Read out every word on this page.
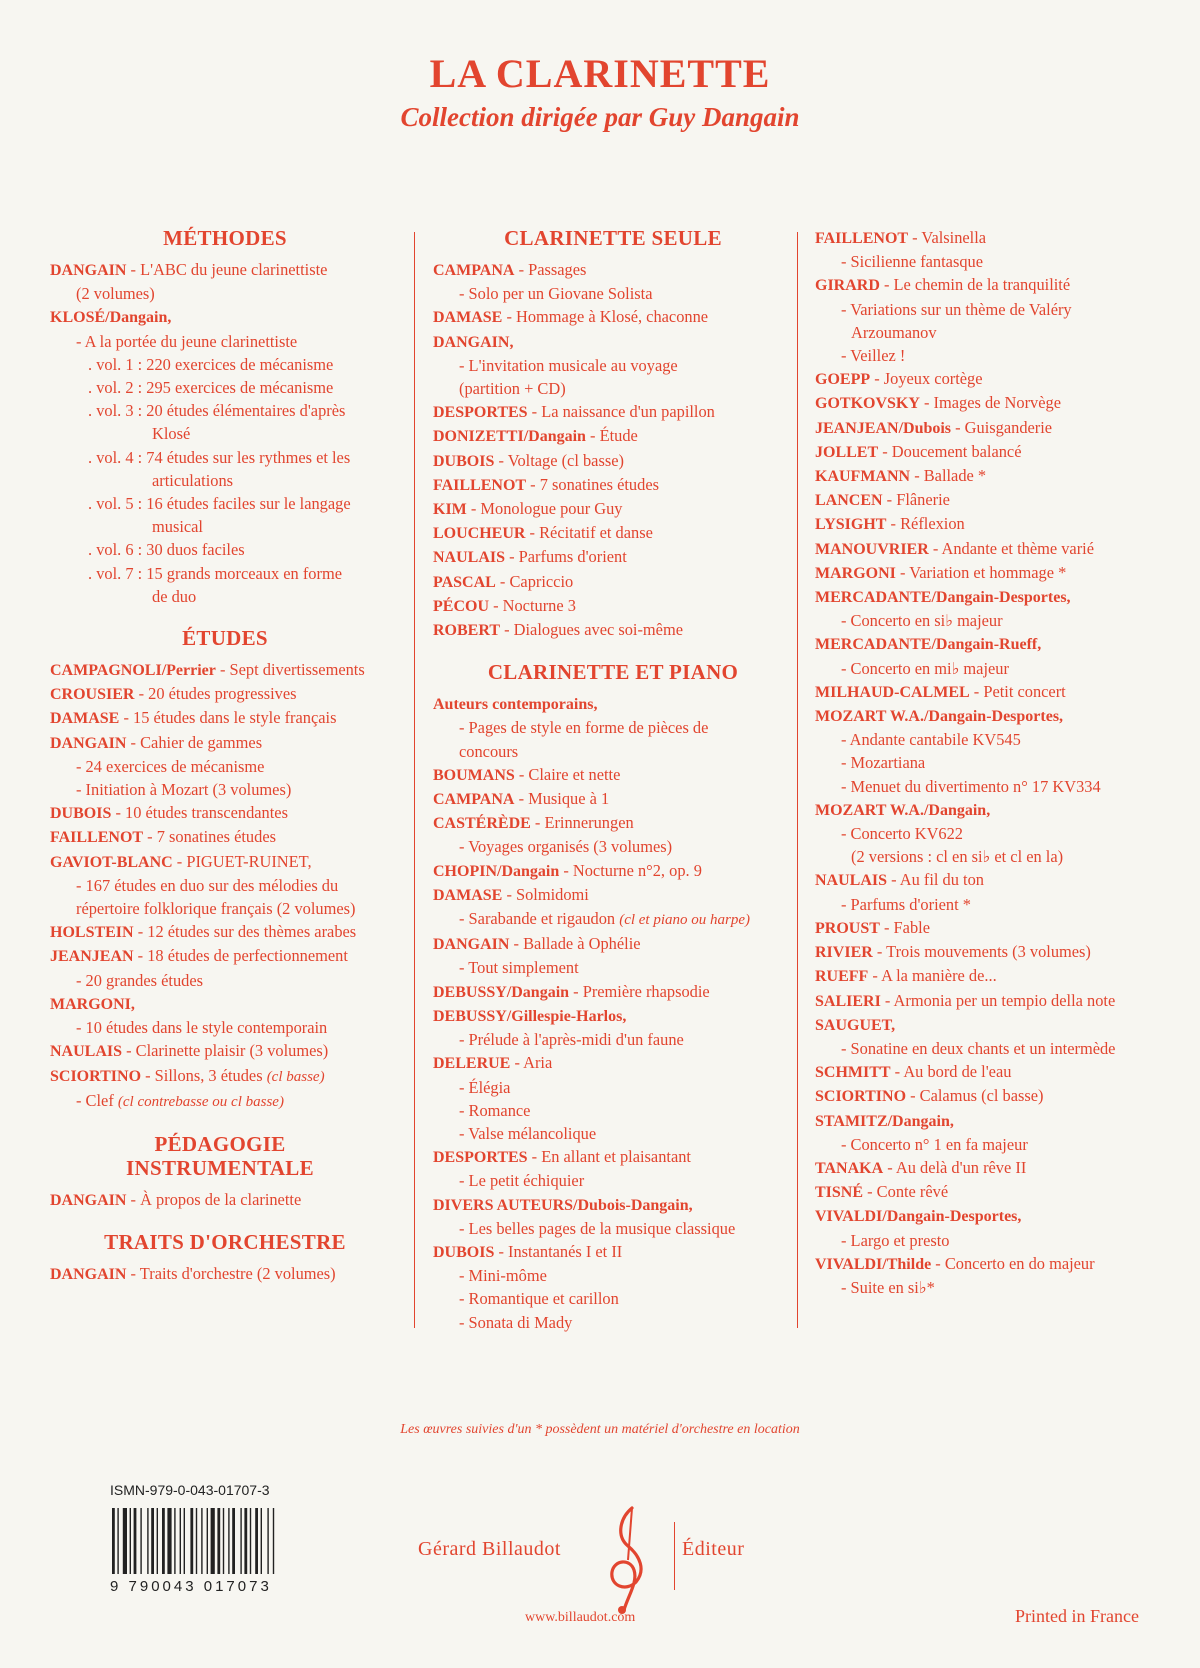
LA CLARINETTE
Collection dirigée par Guy Dangain
MÉTHODES
DANGAIN - L'ABC du jeune clarinettiste
(2 volumes)
KLOSÉ/Dangain,
- A la portée du jeune clarinettiste
. vol. 1 : 220 exercices de mécanisme
. vol. 2 : 295 exercices de mécanisme
. vol. 3 : 20 études élémentaires d'après
Klosé
. vol. 4 : 74 études sur les rythmes et les
articulations
. vol. 5 : 16 études faciles sur le langage
musical
. vol. 6 : 30 duos faciles
. vol. 7 : 15 grands morceaux en forme
de duo
ÉTUDES
CAMPAGNOLI/Perrier - Sept divertissements
CROUSIER - 20 études progressives
DAMASE - 15 études dans le style français
DANGAIN - Cahier de gammes
- 24 exercices de mécanisme
- Initiation à Mozart (3 volumes)
DUBOIS - 10 études transcendantes
FAILLENOT - 7 sonatines études
GAVIOT-BLANC - PIGUET-RUINET,
- 167 études en duo sur des mélodies du
répertoire folklorique français (2 volumes)
HOLSTEIN - 12 études sur des thèmes arabes
JEANJEAN - 18 études de perfectionnement
- 20 grandes études
MARGONI,
- 10 études dans le style contemporain
NAULAIS - Clarinette plaisir (3 volumes)
SCIORTINO - Sillons, 3 études (cl basse)
- Clef (cl contrebasse ou cl basse)
PÉDAGOGIE INSTRUMENTALE
DANGAIN - À propos de la clarinette
TRAITS D'ORCHESTRE
DANGAIN - Traits d'orchestre (2 volumes)
CLARINETTE SEULE
CAMPANA - Passages
- Solo per un Giovane Solista
DAMASE - Hommage à Klosé, chaconne
DANGAIN,
- L'invitation musicale au voyage
(partition + CD)
DESPORTES - La naissance d'un papillon
DONIZETTI/Dangain - Étude
DUBOIS - Voltage (cl basse)
FAILLENOT - 7 sonatines études
KIM - Monologue pour Guy
LOUCHEUR - Récitatif et danse
NAULAIS - Parfums d'orient
PASCAL - Capriccio
PÉCOU - Nocturne 3
ROBERT - Dialogues avec soi-même
CLARINETTE ET PIANO
Auteurs contemporains,
- Pages de style en forme de pièces de
concours
BOUMANS - Claire et nette
CAMPANA - Musique à 1
CASTÉRÈDE - Erinnerungen
- Voyages organisés (3 volumes)
CHOPIN/Dangain - Nocturne n°2, op. 9
DAMASE - Solmidomi
- Sarabande et rigaudon (cl et piano ou harpe)
DANGAIN - Ballade à Ophélie
- Tout simplement
DEBUSSY/Dangain - Première rhapsodie
DEBUSSY/Gillespie-Harlos,
- Prélude à l'après-midi d'un faune
DELERUE - Aria
- Élégia
- Romance
- Valse mélancolique
DESPORTES - En allant et plaisantant
- Le petit échiquier
DIVERS AUTEURS/Dubois-Dangain,
- Les belles pages de la musique classique
DUBOIS - Instantanés I et II
- Mini-môme
- Romantique et carillon
- Sonata di Mady
FAILLENOT - Valsinella
- Sicilienne fantasque
GIRARD - Le chemin de la tranquilité
- Variations sur un thème de Valéry
Arzoumanov
- Veillez !
GOEPP - Joyeux cortège
GOTKOVSKY - Images de Norvège
JEANJEAN/Dubois - Guisganderie
JOLLET - Doucement balancé
KAUFMANN - Ballade *
LANCEN - Flânerie
LYSIGHT - Réflexion
MANOUVRIER - Andante et thème varié
MARGONI - Variation et hommage *
MERCADANTE/Dangain-Desportes,
- Concerto en si♭ majeur
MERCADANTE/Dangain-Rueff,
- Concerto en mi♭ majeur
MILHAUD-CALMEL - Petit concert
MOZART W.A./Dangain-Desportes,
- Andante cantabile KV545
- Mozartiana
- Menuet du divertimento n° 17 KV334
MOZART W.A./Dangain,
- Concerto KV622
(2 versions : cl en si♭ et cl en la)
NAULAIS - Au fil du ton
- Parfums d'orient *
PROUST - Fable
RIVIER - Trois mouvements (3 volumes)
RUEFF - A la manière de...
SALIERI - Armonia per un tempio della note
SAUGUET,
- Sonatine en deux chants et un intermède
SCHMITT - Au bord de l'eau
SCIORTINO - Calamus (cl basse)
STAMITZ/Dangain,
- Concerto n° 1 en fa majeur
TANAKA - Au delà d'un rêve II
TISNÉ - Conte rêvé
VIVALDI/Dangain-Desportes,
- Largo et presto
VIVALDI/Thilde - Concerto en do majeur
- Suite en si♭*
Les œuvres suivies d'un * possèdent un matériel d'orchestre en location
ISMN-979-0-043-01707-3
9 790043 017073
Gérard Billaudot	Éditeur
www.billaudot.com	Printed in France
